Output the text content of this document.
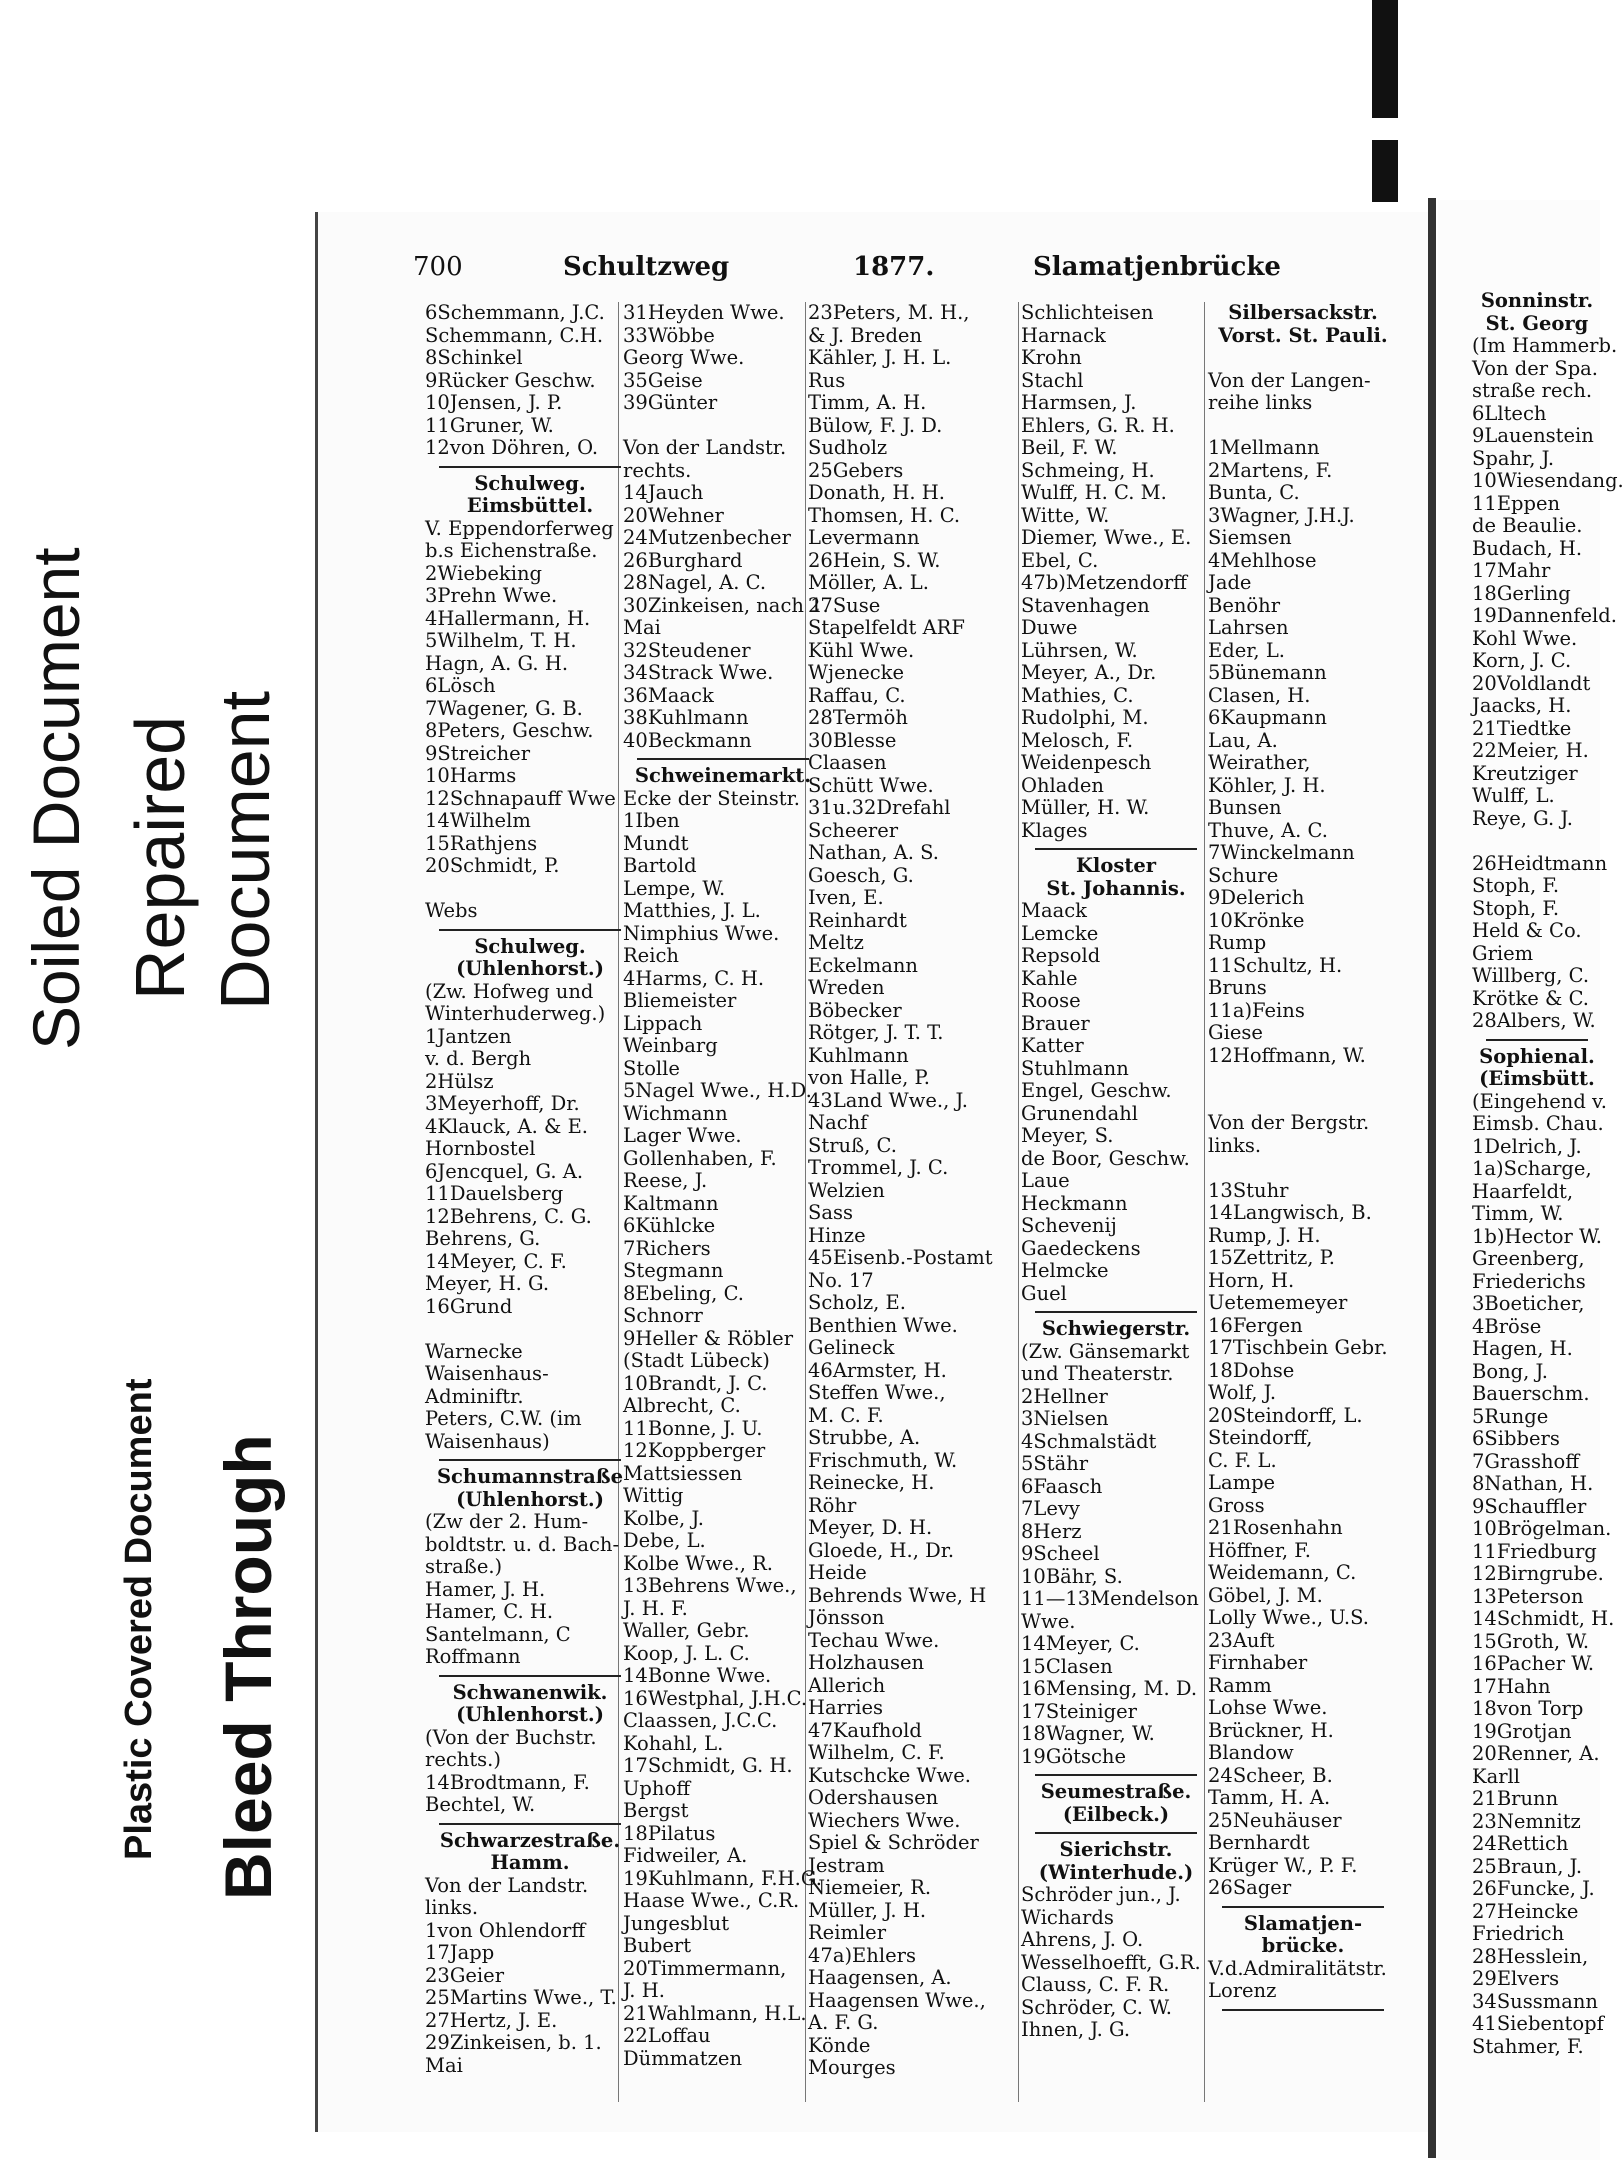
Soiled Document Repaired Document
Plastic Covered Document Bleed Through
700	Schultzweg	1877.	Slamatjenbrücke
6Schemmann, J.C.
Schemmann, C.H.
8Schinkel
9Rücker Geschw.
10Jensen, J. P.
11Gruner, W.
12von Döhren, O.
Schulweg.
Eimsbüttel.
V. Eppendorferweg
b.s Eichenstraße.
2Wiebeking
3Prehn Wwe.
4Hallermann, H.
5Wilhelm, T. H.
Hagn, A. G. H.
6Lösch
7Wagener, G. B.
8Peters, Geschw.
9Streicher
10Harms
12Schnapauff Wwe
14Wilhelm
15Rathjens
20Schmidt, P.

Webs
Schulweg.
(Uhlenhorst.)
(Zw. Hofweg und
Winterhuderweg.)
1Jantzen
v. d. Bergh
2Hülsz
3Meyerhoff, Dr.
4Klauck, A. & E.
Hornbostel
6Jencquel, G. A.
11Dauelsberg
12Behrens, C. G.
Behrens, G.
14Meyer, C. F.
Meyer, H. G.
16Grund

Warnecke
Waisenhaus-
Adminiftr.
Peters, C.W. (im
Waisenhaus)
Schumannstraße
(Uhlenhorst.)
(Zw der 2. Hum-
boldtstr. u. d. Bach-
straße.)
Hamer, J. H.
Hamer, C. H.
Santelmann, C
Roffmann
Schwanenwik.
(Uhlenhorst.)
(Von der Buchstr.
rechts.)
14Brodtmann, F.
Bechtel, W.
Schwarzestraße.
Hamm.
Von der Landstr.
links.
1von Ohlendorff
17Japp
23Geier
25Martins Wwe., T.
27Hertz, J. E.
29Zinkeisen, b. 1.
Mai
31Heyden Wwe.
33Wöbbe
Georg Wwe.
35Geise
39Günter

Von der Landstr.
rechts.
14Jauch
20Wehner
24Mutzenbecher
26Burghard
28Nagel, A. C.
30Zinkeisen, nach 1.
Mai
32Steudener
34Strack Wwe.
36Maack
38Kuhlmann
40Beckmann
Schweinemarkt.
Ecke der Steinstr.
1Iben
Mundt
Bartold
Lempe, W.
Matthies, J. L.
Nimphius Wwe.
Reich
4Harms, C. H.
Bliemeister
Lippach
Weinbarg
Stolle
5Nagel Wwe., H.D.
Wichmann
Lager Wwe.
Gollenhaben, F.
Reese, J.
Kaltmann
6Kühlcke
7Richers
Stegmann
8Ebeling, C.
Schnorr
9Heller & Röbler
(Stadt Lübeck)
10Brandt, J. C.
Albrecht, C.
11Bonne, J. U.
12Koppberger
Mattsiessen
Wittig
Kolbe, J.
Debe, L.
Kolbe Wwe., R.
13Behrens Wwe.,
J. H. F.
Waller, Gebr.
Koop, J. L. C.
14Bonne Wwe.
16Westphal, J.H.C.
Claassen, J.C.C.
Kohahl, L.
17Schmidt, G. H.
Uphoff
Bergst
18Pilatus
Fidweiler, A.
19Kuhlmann, F.H.G.
Haase Wwe., C.R.
Jungesblut
Bubert
20Timmermann,
J. H.
21Wahlmann, H.L.
22Loffau
Dümmatzen
23Peters, M. H.,
& J. Breden
Kähler, J. H. L.
Rus
Timm, A. H.
Bülow, F. J. D.
Sudholz
25Gebers
Donath, H. H.
Thomsen, H. C.
Levermann
26Hein, S. W.
Möller, A. L.
27Suse
Stapelfeldt ARF
Kühl Wwe.
Wjenecke
Raffau, C.
28Termöh
30Blesse
Claasen
Schütt Wwe.
31u.32Drefahl
Scheerer
Nathan, A. S.
Goesch, G.
Iven, E.
Reinhardt
Meltz
Eckelmann
Wreden
Böbecker
Rötger, J. T. T.
Kuhlmann
von Halle, P.
43Land Wwe., J.
Nachf
Struß, C.
Trommel, J. C.
Welzien
Sass
Hinze
45Eisenb.-Postamt
No. 17
Scholz, E.
Benthien Wwe.
Gelineck
46Armster, H.
Steffen Wwe.,
M. C. F.
Strubbe, A.
Frischmuth, W.
Reinecke, H.
Röhr
Meyer, D. H.
Gloede, H., Dr.
Heide
Behrends Wwe, H
Jönsson
Techau Wwe.
Holzhausen
Allerich
Harries
47Kaufhold
Wilhelm, C. F.
Kutschcke Wwe.
Odershausen
Wiechers Wwe.
Spiel & Schröder
Jestram
Niemeier, R.
Müller, J. H.
Reimler
47a)Ehlers
Haagensen, A.
Haagensen Wwe.,
A. F. G.
Könde
Mourges
Schlichteisen
Harnack
Krohn
Stachl
Harmsen, J.
Ehlers, G. R. H.
Beil, F. W.
Schmeing, H.
Wulff, H. C. M.
Witte, W.
Diemer, Wwe., E.
Ebel, C.
47b)Metzendorff
Stavenhagen
Duwe
Lührsen, W.
Meyer, A., Dr.
Mathies, C.
Rudolphi, M.
Melosch, F.
Weidenpesch
Ohladen
Müller, H. W.
Klages
Kloster
St. Johannis.
Maack
Lemcke
Repsold
Kahle
Roose
Brauer
Katter
Stuhlmann
Engel, Geschw.
Grunendahl
Meyer, S.
de Boor, Geschw.
Laue
Heckmann
Schevenij
Gaedeckens
Helmcke
Guel
Schwiegerstr.
(Zw. Gänsemarkt
und Theaterstr.
2Hellner
3Nielsen
4Schmalstädt
5Stähr
6Faasch
7Levy
8Herz
9Scheel
10Bähr, S.
11—13Mendelson
Wwe.
14Meyer, C.
15Clasen
16Mensing, M. D.
17Steiniger
18Wagner, W.
19Götsche
Seumestraße.
(Eilbeck.)
Sierichstr.
(Winterhude.)
Schröder jun., J.
Wichards
Ahrens, J. O.
Wesselhoefft, G.R.
Clauss, C. F. R.
Schröder, C. W.
Ihnen, J. G.
Silbersackstr.
Vorst. St. Pauli.

Von der Langen-
reihe links

1Mellmann
2Martens, F.
Bunta, C.
3Wagner, J.H.J.
Siemsen
4Mehlhose
Jade
Benöhr
Lahrsen
Eder, L.
5Bünemann
Clasen, H.
6Kaupmann
Lau, A.
Weirather,
Köhler, J. H.
Bunsen
Thuve, A. C.
7Winckelmann
Schure
9Delerich
10Krönke
Rump
11Schultz, H.
Bruns
11a)Feins
Giese
12Hoffmann, W.

Von der Bergstr.
links.

13Stuhr
14Langwisch, B.
Rump, J. H.
15Zettritz, P.
Horn, H.
Uetememeyer
16Fergen
17Tischbein Gebr.
18Dohse
Wolf, J.
20Steindorff, L.
Steindorff,
C. F. L.
Lampe
Gross
21Rosenhahn
Höffner, F.
Weidemann, C.
Göbel, J. M.
Lolly Wwe., U.S.
23Auft
Firnhaber
Ramm
Lohse Wwe.
Brückner, H.
Blandow
24Scheer, B.
Tamm, H. A.
25Neuhäuser
Bernhardt
Krüger W., P. F.
26Sager
Slamatjen-
brücke.
V.d.Admiralitätstr.
Lorenz
Sonninstr.
St. Georg
(Im Hammerb.
Von der Spa.
straße rech.
6Lltech
9Lauenstein
Spahr, J.
10Wiesendang.
11Eppen
de Beaulie.
Budach, H.
17Mahr
18Gerling
19Dannenfeld.
Kohl Wwe.
Korn, J. C.
20Voldlandt
Jaacks, H.
21Tiedtke
22Meier, H.
Kreutziger
Wulff, L.
Reye, G. J.

26Heidtmann
Stoph, F.
Stoph, F.
Held & Co.
Griem
Willberg, C.
Krötke & C.
28Albers, W.
Sophienal.
(Eimsbütt.
(Eingehend v.
Eimsb. Chau.
1Delrich, J.
1a)Scharge,
Haarfeldt,
Timm, W.
1b)Hector W.
Greenberg,
Friederichs
3Boeticher,
4Bröse
Hagen, H.
Bong, J.
Bauerschm.
5Runge
6Sibbers
7Grasshoff
8Nathan, H.
9Schauffler
10Brögelman.
11Friedburg
12Birngrube.
13Peterson
14Schmidt, H.
15Groth, W.
16Pacher W.
17Hahn
18von Torp
19Grotjan
20Renner, A.
Karll
21Brunn
23Nemnitz
24Rettich
25Braun, J.
26Funcke, J.
27Heincke
Friedrich
28Hesslein,
29Elvers
34Sussmann
41Siebentopf
Stahmer, F.
